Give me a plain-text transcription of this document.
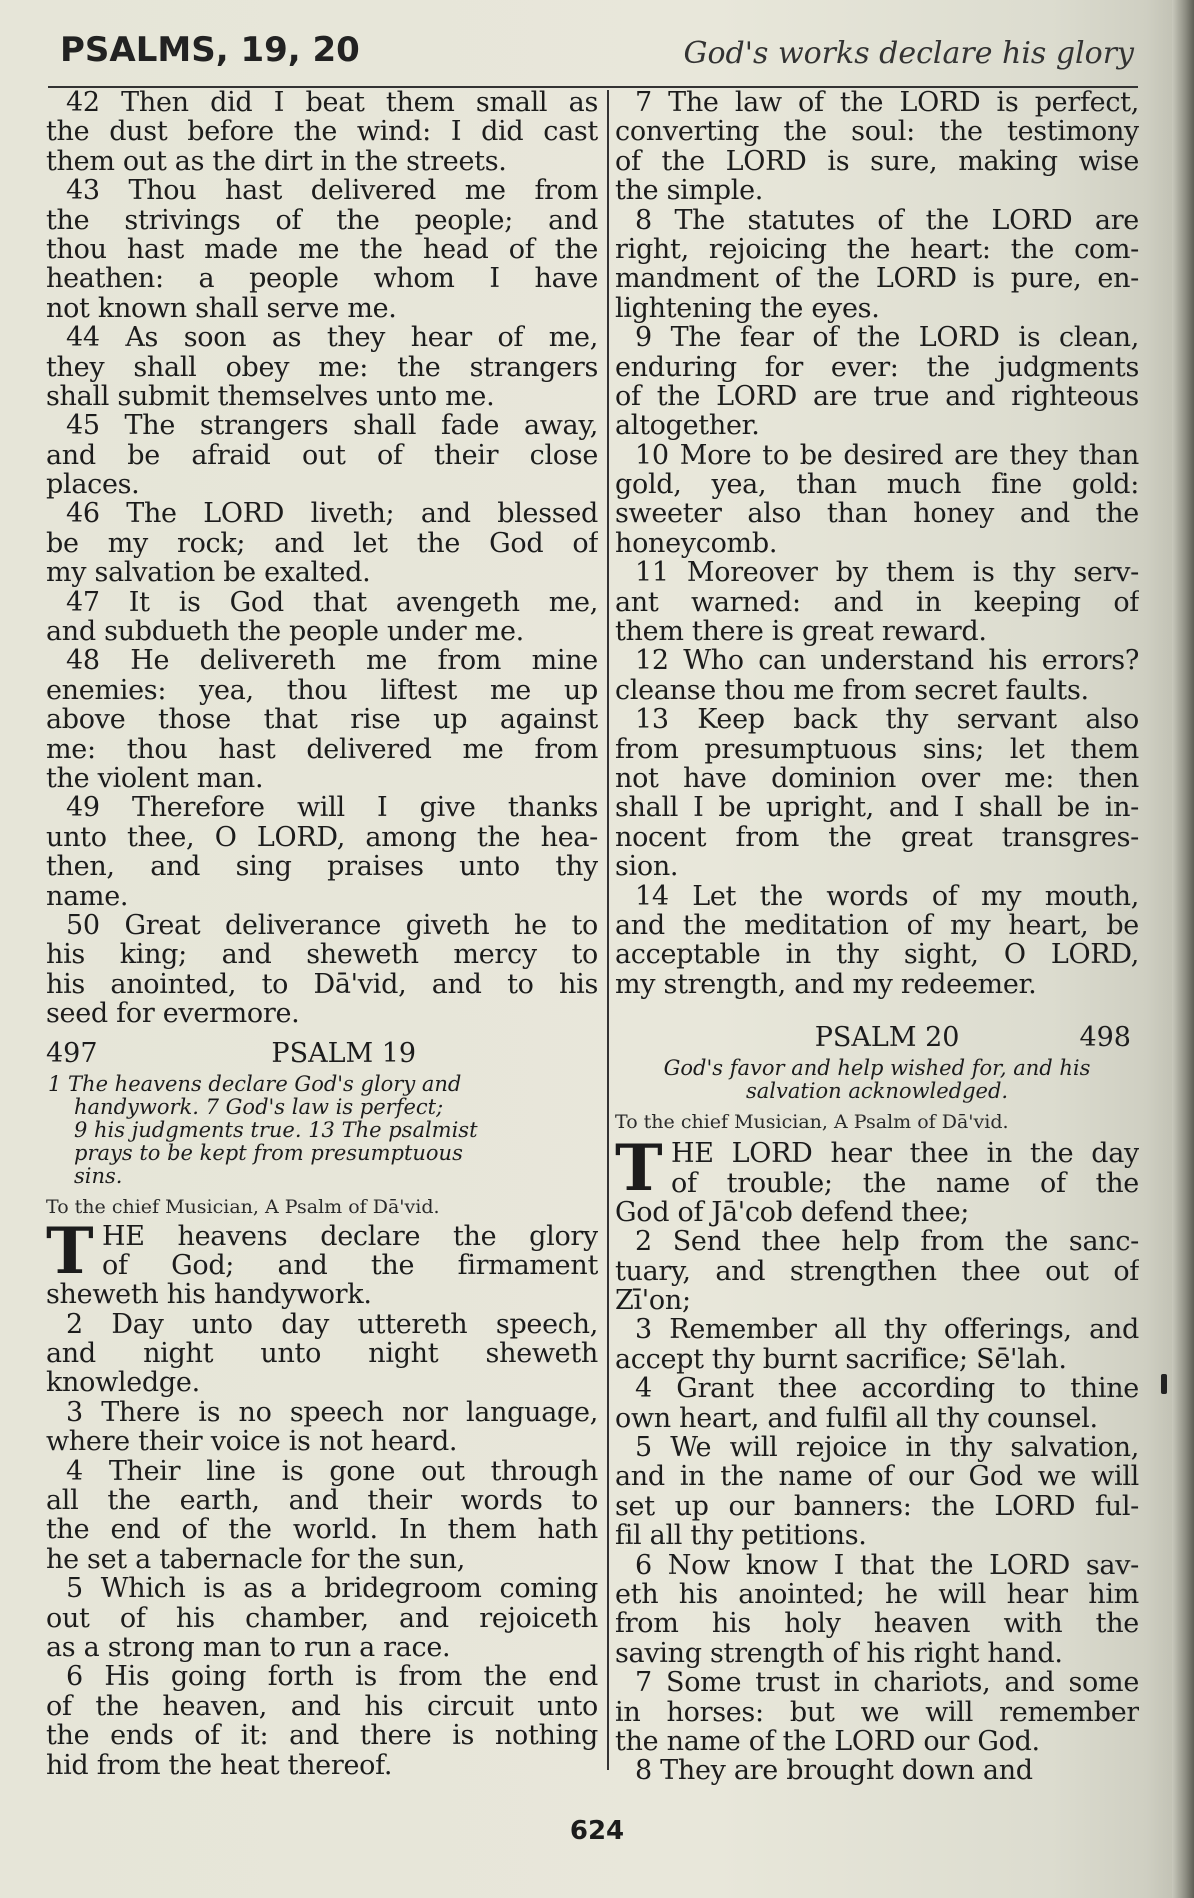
PSALMS, 19, 20	God's works declare his glory
42 Then did I beat them small as
the dust before the wind: I did cast
them out as the dirt in the streets.
43 Thou hast delivered me from
the strivings of the people; and
thou hast made me the head of the
heathen: a people whom I have
not known shall serve me.
44 As soon as they hear of me,
they shall obey me: the strangers
shall submit themselves unto me.
45 The strangers shall fade away,
and be afraid out of their close
places.
46 The LORD liveth; and blessed
be my rock; and let the God of
my salvation be exalted.
47 It is God that avengeth me,
and subdueth the people under me.
48 He delivereth me from mine
enemies: yea, thou liftest me up
above those that rise up against
me: thou hast delivered me from
the violent man.
49 Therefore will I give thanks
unto thee, O LORD, among the hea-
then, and sing praises unto thy
name.
50 Great deliverance giveth he to
his king; and sheweth mercy to
his anointed, to Dā'vid, and to his
seed for evermore.
497	PSALM 19
1 The heavens declare God's glory and
handywork. 7 God's law is perfect;
9 his judgments true. 13 The psalmist
prays to be kept from presumptuous
sins.
To the chief Musician, A Psalm of Dā'vid.
T HE heavens declare the glory
of God; and the firmament
sheweth his handywork.
2 Day unto day uttereth speech,
and night unto night sheweth
knowledge.
3 There is no speech nor language,
where their voice is not heard.
4 Their line is gone out through
all the earth, and their words to
the end of the world. In them hath
he set a tabernacle for the sun,
5 Which is as a bridegroom coming
out of his chamber, and rejoiceth
as a strong man to run a race.
6 His going forth is from the end
of the heaven, and his circuit unto
the ends of it: and there is nothing
hid from the heat thereof.
7 The law of the LORD is perfect,
converting the soul: the testimony
of the LORD is sure, making wise
the simple.
8 The statutes of the LORD are
right, rejoicing the heart: the com-
mandment of the LORD is pure, en-
lightening the eyes.
9 The fear of the LORD is clean,
enduring for ever: the judgments
of the LORD are true and righteous
altogether.
10 More to be desired are they than
gold, yea, than much fine gold:
sweeter also than honey and the
honeycomb.
11 Moreover by them is thy serv-
ant warned: and in keeping of
them there is great reward.
12 Who can understand his errors?
cleanse thou me from secret faults.
13 Keep back thy servant also
from presumptuous sins; let them
not have dominion over me: then
shall I be upright, and I shall be in-
nocent from the great transgres-
sion.
14 Let the words of my mouth,
and the meditation of my heart, be
acceptable in thy sight, O LORD,
my strength, and my redeemer.
PSALM 20	498
God's favor and help wished for, and his
salvation acknowledged.
To the chief Musician, A Psalm of Dā'vid.
T HE LORD hear thee in the day
of trouble; the name of the
God of Jā'cob defend thee;
2 Send thee help from the sanc-
tuary, and strengthen thee out of
Zī'on;
3 Remember all thy offerings, and
accept thy burnt sacrifice; Sē'lah.
4 Grant thee according to thine
own heart, and fulfil all thy counsel.
5 We will rejoice in thy salvation,
and in the name of our God we will
set up our banners: the LORD ful-
fil all thy petitions.
6 Now know I that the LORD sav-
eth his anointed; he will hear him
from his holy heaven with the
saving strength of his right hand.
7 Some trust in chariots, and some
in horses: but we will remember
the name of the LORD our God.
8 They are brought down and
624
